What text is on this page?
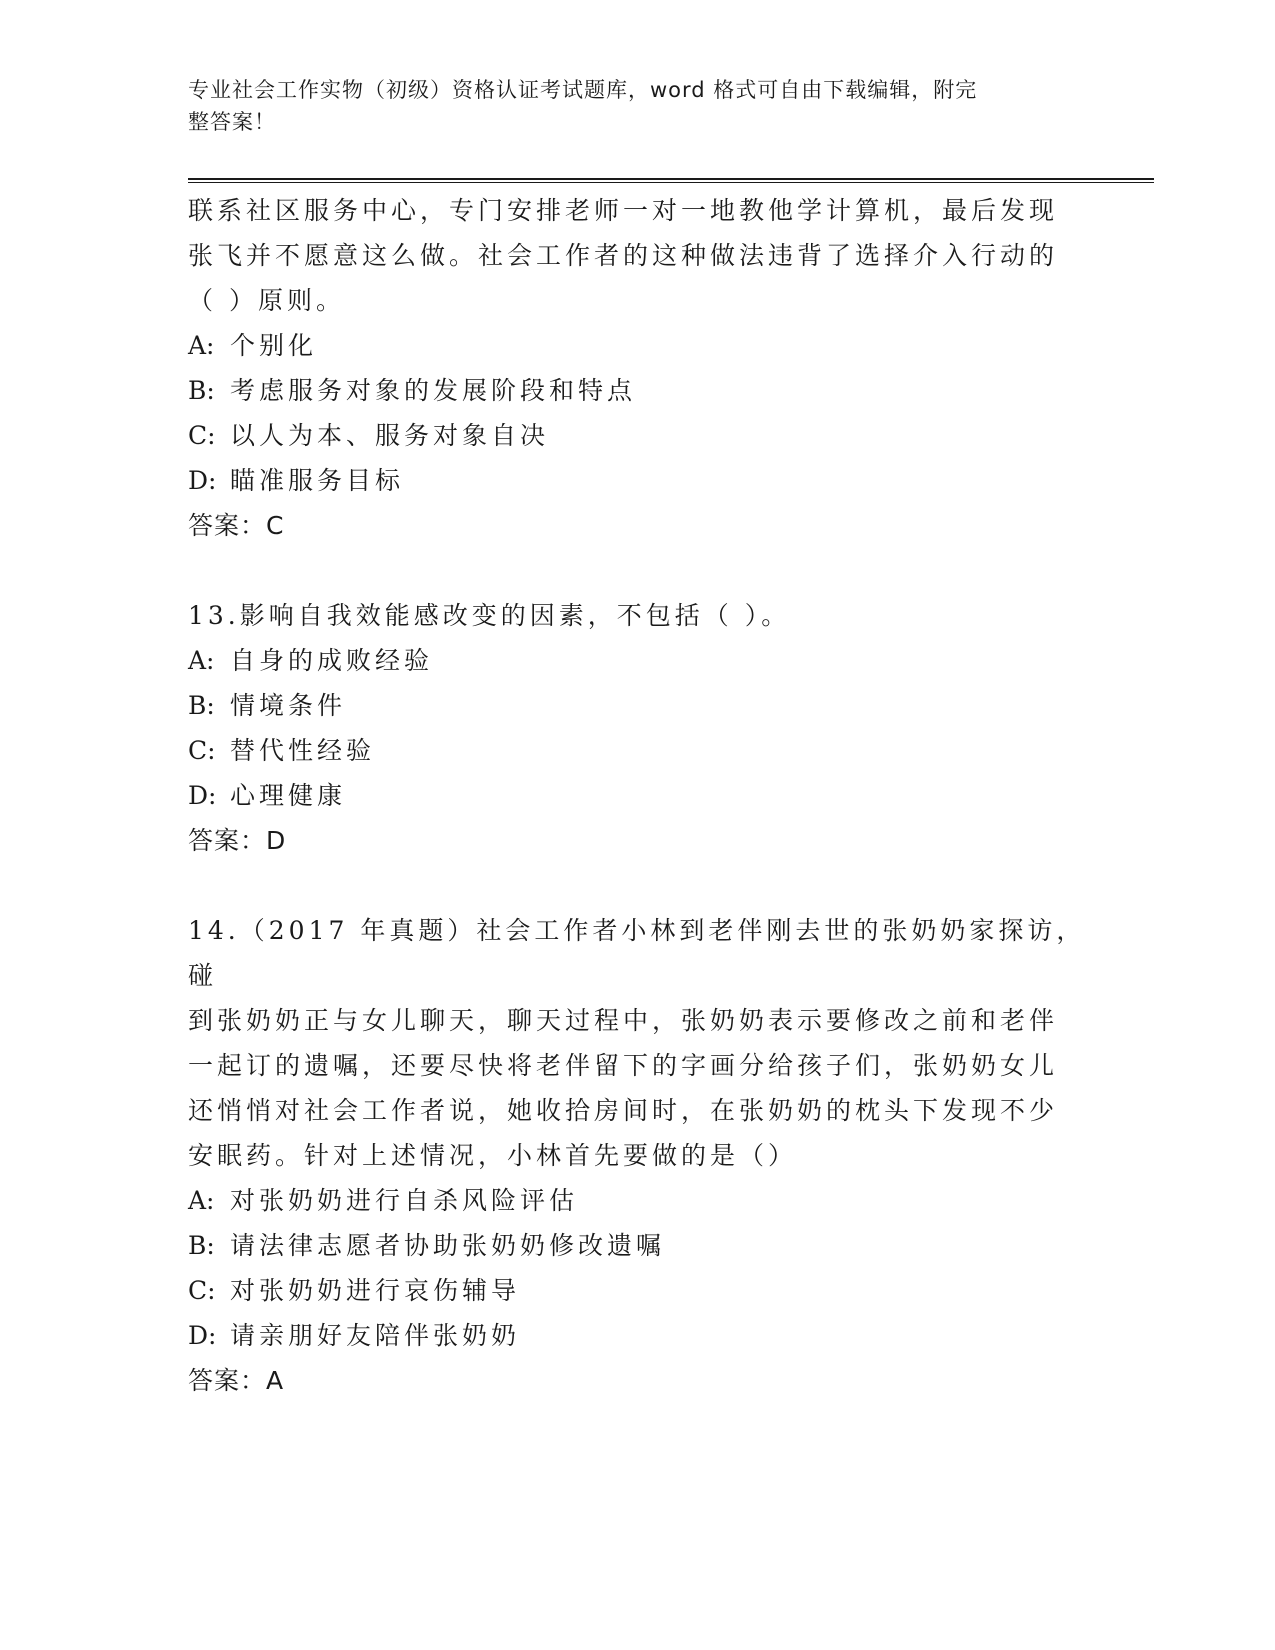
专业社会工作实物（初级）资格认证考试题库，word 格式可自由下载编辑，附完
整答案！

联系社区服务中心，专门安排老师一对一地教他学计算机，最后发现

张飞并不愿意这么做。社会工作者的这种做法违背了选择介入行动的

（ ）原则。

A: 个别化
B: 考虑服务对象的发展阶段和特点
C: 以人为本、服务对象自决
D: 瞄准服务目标

答案：C

13.影响自我效能感改变的因素，不包括（ ）。

A: 自身的成败经验
B: 情境条件
C: 替代性经验
D: 心理健康

答案：D

14.（2017 年真题）社会工作者小林到老伴刚去世的张奶奶家探访，碰

到张奶奶正与女儿聊天，聊天过程中，张奶奶表示要修改之前和老伴

一起订的遗嘱，还要尽快将老伴留下的字画分给孩子们，张奶奶女儿

还悄悄对社会工作者说，她收拾房间时，在张奶奶的枕头下发现不少

安眠药。针对上述情况，小林首先要做的是（）

A: 对张奶奶进行自杀风险评估
B: 请法律志愿者协助张奶奶修改遗嘱
C: 对张奶奶进行哀伤辅导
D: 请亲朋好友陪伴张奶奶

答案：A
